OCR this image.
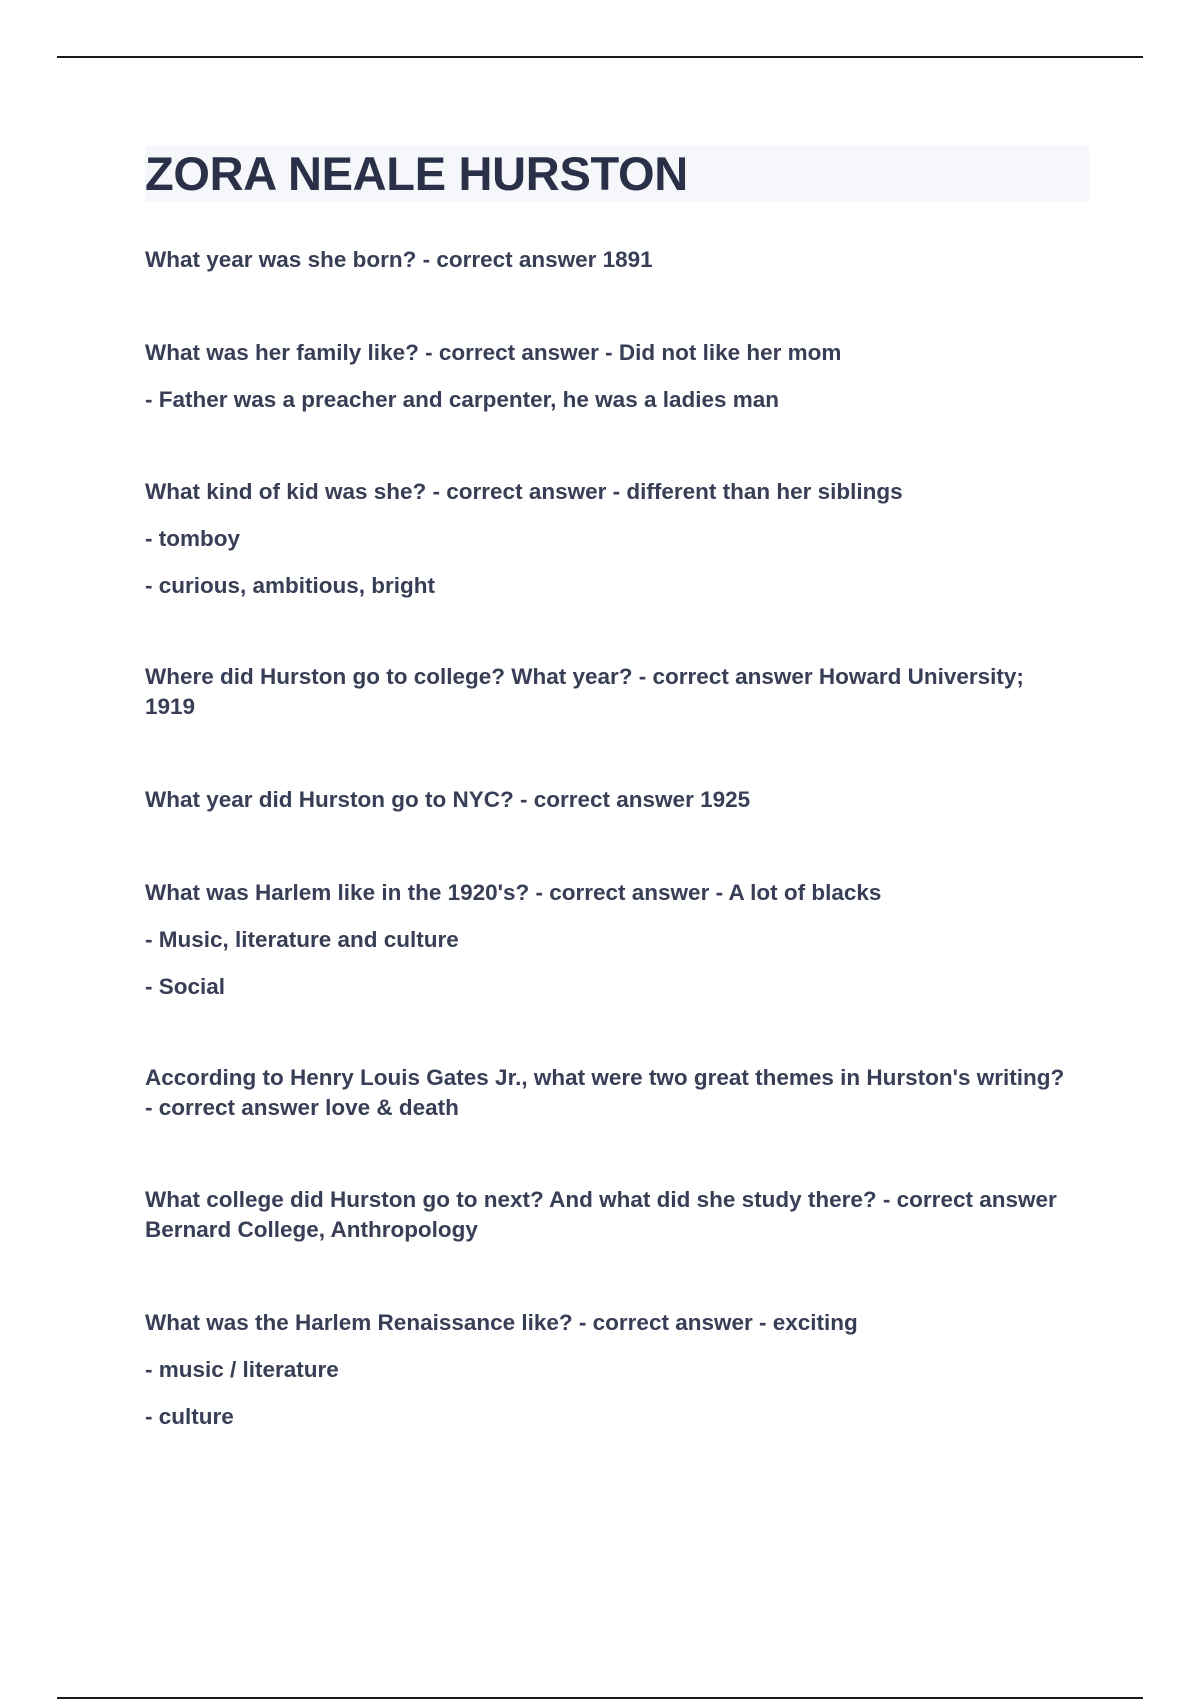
ZORA NEALE HURSTON

What year was she born? - correct answer 1891

What was her family like? - correct answer - Did not like her mom

- Father was a preacher and carpenter, he was a ladies man

What kind of kid was she? - correct answer - different than her siblings

- tomboy

- curious, ambitious, bright

Where did Hurston go to college? What year? - correct answer Howard University; 1919

What year did Hurston go to NYC? - correct answer 1925

What was Harlem like in the 1920's? - correct answer - A lot of blacks

- Music, literature and culture

- Social

According to Henry Louis Gates Jr., what were two great themes in Hurston's writing? - correct answer love & death

What college did Hurston go to next? And what did she study there? - correct answer Bernard College, Anthropology

What was the Harlem Renaissance like? - correct answer - exciting

- music / literature

- culture
